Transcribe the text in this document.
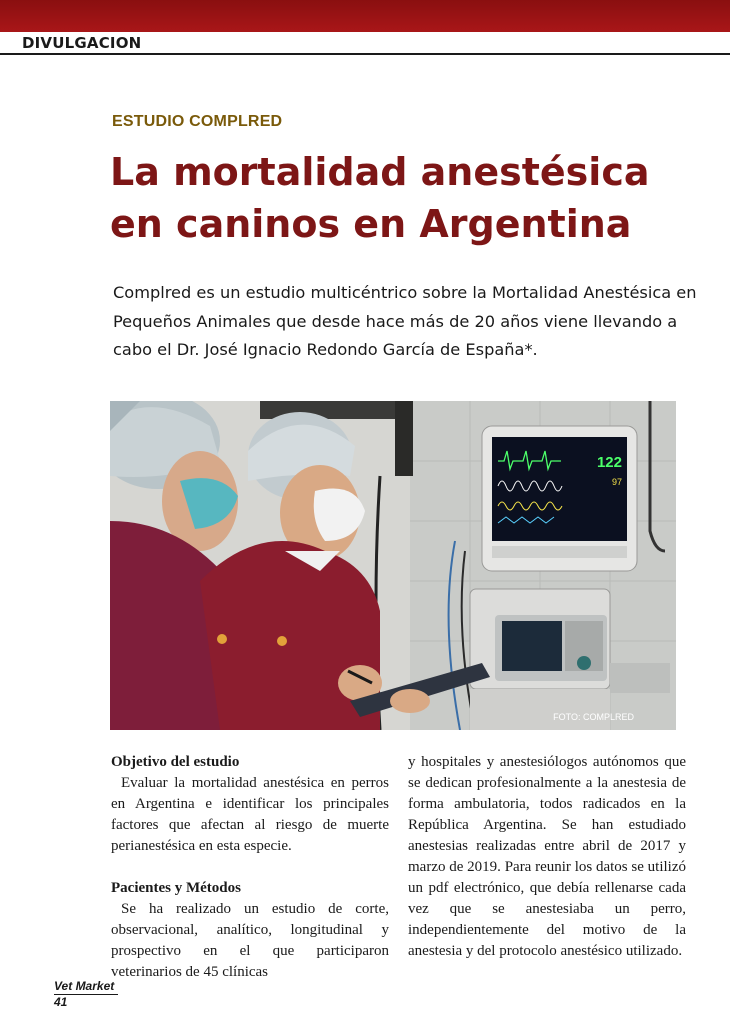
DIVULGACION
ESTUDIO COMPLRED
La mortalidad anestésica
en caninos en Argentina
Complred es un estudio multicéntrico sobre la Mortalidad Anestésica en Pequeños Animales que desde hace más de 20 años viene llevando a cabo el Dr. José Ignacio Redondo García de España*.
122
97
FOTO: COMPLRED
Objetivo del estudio

Evaluar la mortalidad anestésica en perros en Argentina e identificar los principales factores que afectan al riesgo de muerte perianestésica en esta especie.

Pacientes y Métodos

Se ha realizado un estudio de corte, observacional, analítico, longitudinal y prospectivo en el que participaron veterinarios de 45 clínicas

y hospitales y anestesiólogos autónomos que se dedican profesionalmente a la anestesia de forma ambulatoria, todos radicados en la República Argentina. Se han estudiado anestesias realizadas entre abril de 2017 y marzo de 2019. Para reunir los datos se utilizó un pdf electrónico, que debía rellenarse cada vez que se anestesiaba un perro, independientemente del motivo de la anestesia y del protocolo anestésico utilizado.

Vet Market
41
